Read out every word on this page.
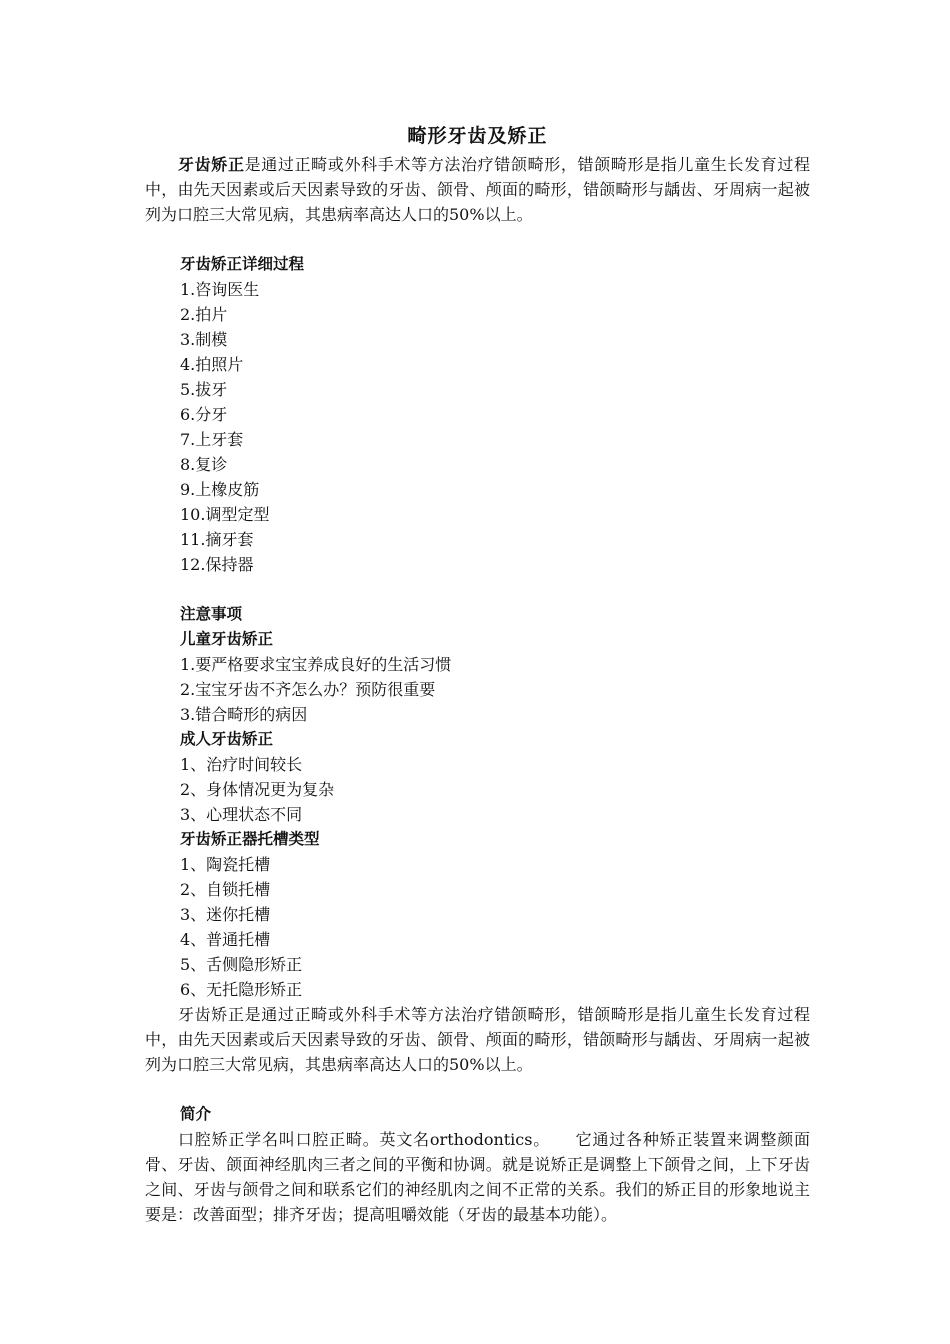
畸形牙齿及矫正

牙齿矫正是通过正畸或外科手术等方法治疗错颌畸形，错颌畸形是指儿童生长发育过程中，由先天因素或后天因素导致的牙齿、颌骨、颅面的畸形，错颌畸形与龋齿、牙周病一起被列为口腔三大常见病，其患病率高达人口的50%以上。

牙齿矫正详细过程
1.咨询医生
2.拍片
3.制模
4.拍照片
5.拔牙
6.分牙
7.上牙套
8.复诊
9.上橡皮筋
10.调型定型
11.摘牙套
12.保持器
注意事项
儿童牙齿矫正
1.要严格要求宝宝养成良好的生活习惯
2.宝宝牙齿不齐怎么办？预防很重要
3.错合畸形的病因
成人牙齿矫正
1、治疗时间较长
2、身体情况更为复杂
3、心理状态不同
牙齿矫正器托槽类型
1、陶瓷托槽
2、自锁托槽
3、迷你托槽
4、普通托槽
5、舌侧隐形矫正
6、无托隐形矫正

牙齿矫正是通过正畸或外科手术等方法治疗错颌畸形，错颌畸形是指儿童生长发育过程中，由先天因素或后天因素导致的牙齿、颌骨、颅面的畸形，错颌畸形与龋齿、牙周病一起被列为口腔三大常见病，其患病率高达人口的50%以上。

简介

口腔矫正学名叫口腔正畸。英文名orthodontics。　　它通过各种矫正装置来调整颜面骨、牙齿、颌面神经肌肉三者之间的平衡和协调。就是说矫正是调整上下颌骨之间，上下牙齿之间、牙齿与颌骨之间和联系它们的神经肌肉之间不正常的关系。我们的矫正目的形象地说主要是：改善面型；排齐牙齿；提高咀嚼效能（牙齿的最基本功能）。
